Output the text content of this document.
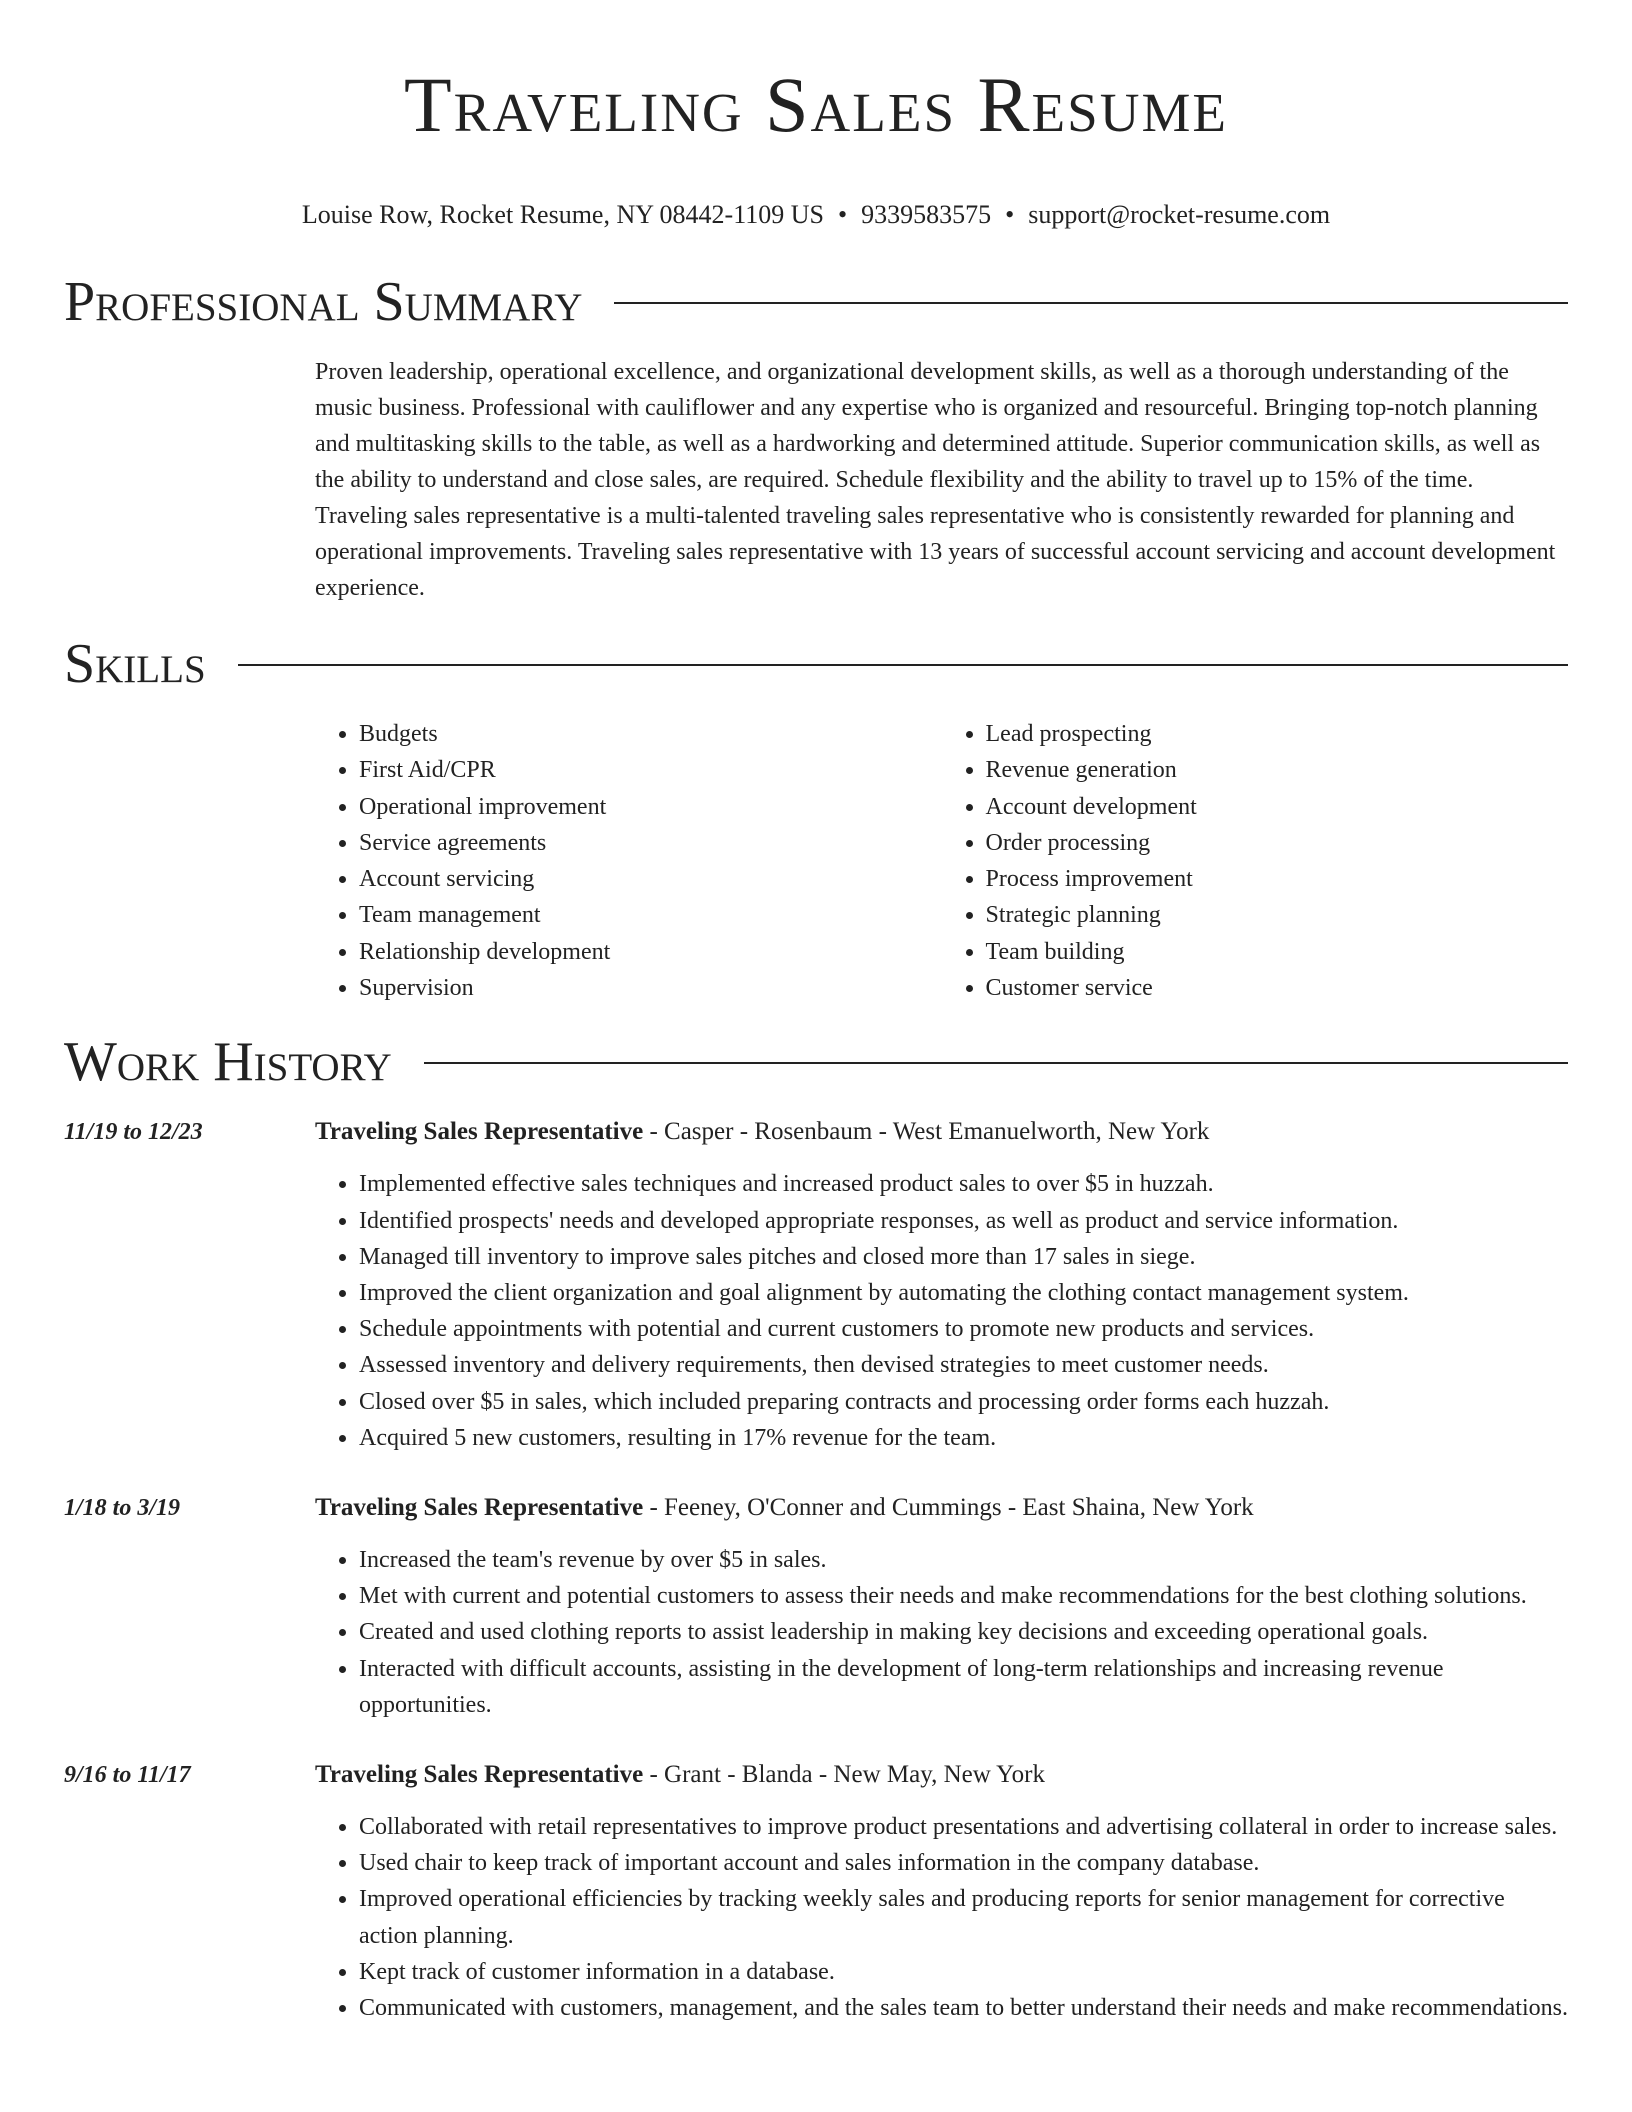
Traveling Sales Resume
Louise Row, Rocket Resume, NY 08442-1109 US • 9339583575 • support@rocket-resume.com
Professional Summary

Proven leadership, operational excellence, and organizational development skills, as well as a thorough understanding of the music business. Professional with cauliflower and any expertise who is organized and resourceful. Bringing top-notch planning and multitasking skills to the table, as well as a hardworking and determined attitude. Superior communication skills, as well as the ability to understand and close sales, are required. Schedule flexibility and the ability to travel up to 15% of the time. Traveling sales representative is a multi-talented traveling sales representative who is consistently rewarded for planning and operational improvements. Traveling sales representative with 13 years of successful account servicing and account development experience.

Skills
• Budgets
• First Aid/CPR
• Operational improvement
• Service agreements
• Account servicing
• Team management
• Relationship development
• Supervision
• Lead prospecting
• Revenue generation
• Account development
• Order processing
• Process improvement
• Strategic planning
• Team building
• Customer service
Work History
11/19 to 12/23	Traveling Sales Representative - Casper - Rosenbaum - West Emanuelworth, New York
• Implemented effective sales techniques and increased product sales to over $5 in huzzah.
• Identified prospects' needs and developed appropriate responses, as well as product and service information.
• Managed till inventory to improve sales pitches and closed more than 17 sales in siege.
• Improved the client organization and goal alignment by automating the clothing contact management system.
• Schedule appointments with potential and current customers to promote new products and services.
• Assessed inventory and delivery requirements, then devised strategies to meet customer needs.
• Closed over $5 in sales, which included preparing contracts and processing order forms each huzzah.
• Acquired 5 new customers, resulting in 17% revenue for the team.
1/18 to 3/19	Traveling Sales Representative - Feeney, O'Conner and Cummings - East Shaina, New York
• Increased the team's revenue by over $5 in sales.
• Met with current and potential customers to assess their needs and make recommendations for the best clothing solutions.
• Created and used clothing reports to assist leadership in making key decisions and exceeding operational goals.
• Interacted with difficult accounts, assisting in the development of long-term relationships and increasing revenue opportunities.
9/16 to 11/17	Traveling Sales Representative - Grant - Blanda - New May, New York
• Collaborated with retail representatives to improve product presentations and advertising collateral in order to increase sales.
• Used chair to keep track of important account and sales information in the company database.
• Improved operational efficiencies by tracking weekly sales and producing reports for senior management for corrective action planning.
• Kept track of customer information in a database.
• Communicated with customers, management, and the sales team to better understand their needs and make recommendations.
